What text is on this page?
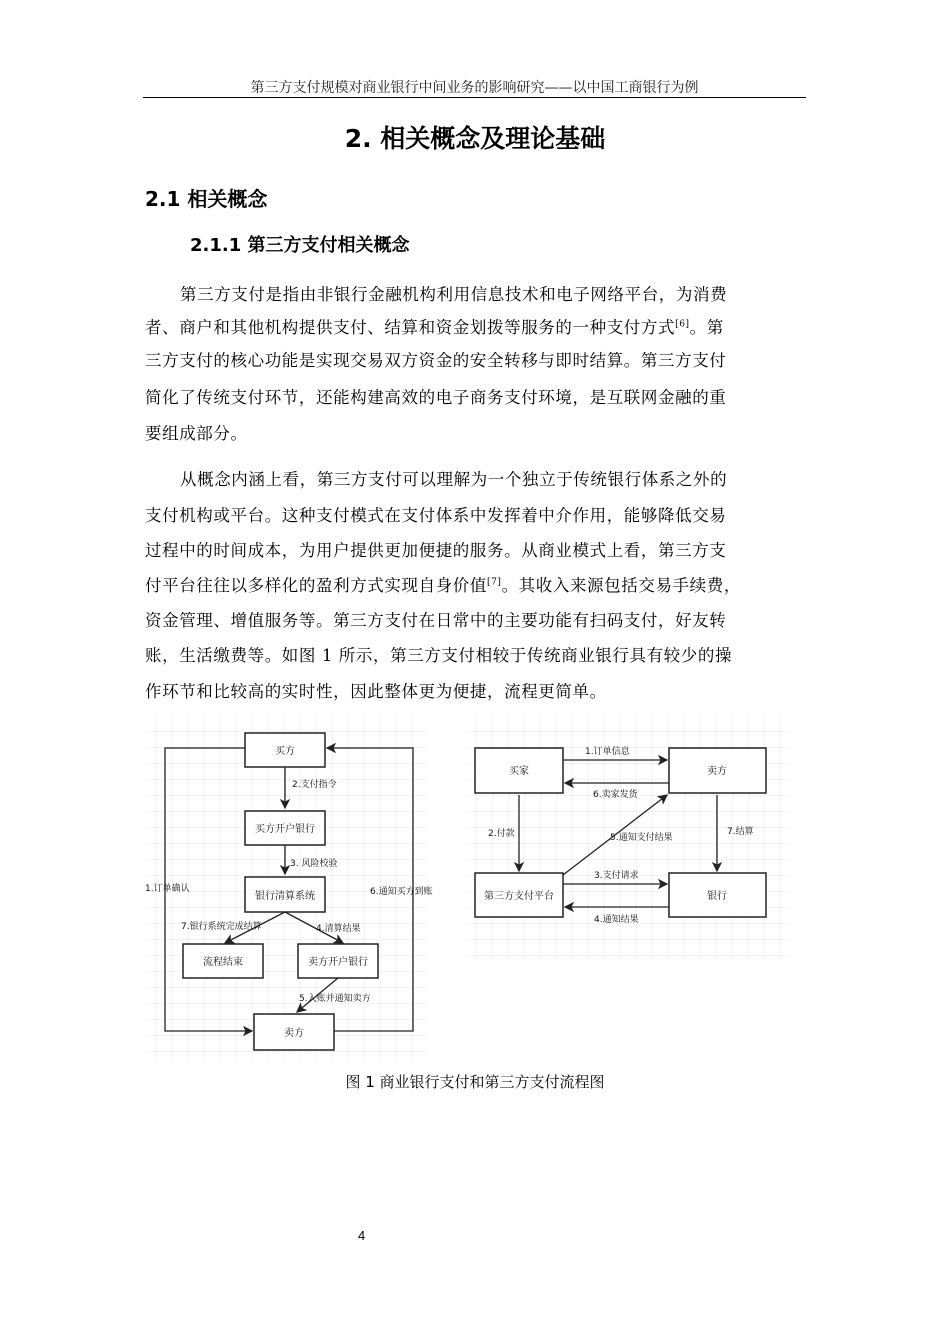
第三方支付规模对商业银行中间业务的影响研究——以中国工商银行为例
2. 相关概念及理论基础
2.1 相关概念
2.1.1 第三方支付相关概念
第三方支付是指由非银行金融机构利用信息技术和电子网络平台，为消费
者、商户和其他机构提供支付、结算和资金划拨等服务的一种支付方式[6]。第
三方支付的核心功能是实现交易双方资金的安全转移与即时结算。第三方支付
简化了传统支付环节，还能构建高效的电子商务支付环境，是互联网金融的重
要组成部分。
从概念内涵上看，第三方支付可以理解为一个独立于传统银行体系之外的
支付机构或平台。这种支付模式在支付体系中发挥着中介作用，能够降低交易
过程中的时间成本，为用户提供更加便捷的服务。从商业模式上看，第三方支
付平台往往以多样化的盈利方式实现自身价值[7]。其收入来源包括交易手续费，
资金管理、增值服务等。第三方支付在日常中的主要功能有扫码支付，好友转
账，生活缴费等。如图 1 所示，第三方支付相较于传统商业银行具有较少的操
作环节和比较高的实时性，因此整体更为便捷，流程更简单。
买方
买方开户银行
银行清算系统
流程结束	卖方开户银行
卖方
买家	卖方
第三方支付平台	银行
2.支付指令
3. 风险校验
1.订单确认	6.通知买方到账
7.银行系统完成结算	4.清算结果
5.入账并通知卖方
1.订单信息
6.卖家发货
2.付款	5.通知支付结果
7.结算
3.支付请求
4.通知结果
图 1 商业银行支付和第三方支付流程图
4
